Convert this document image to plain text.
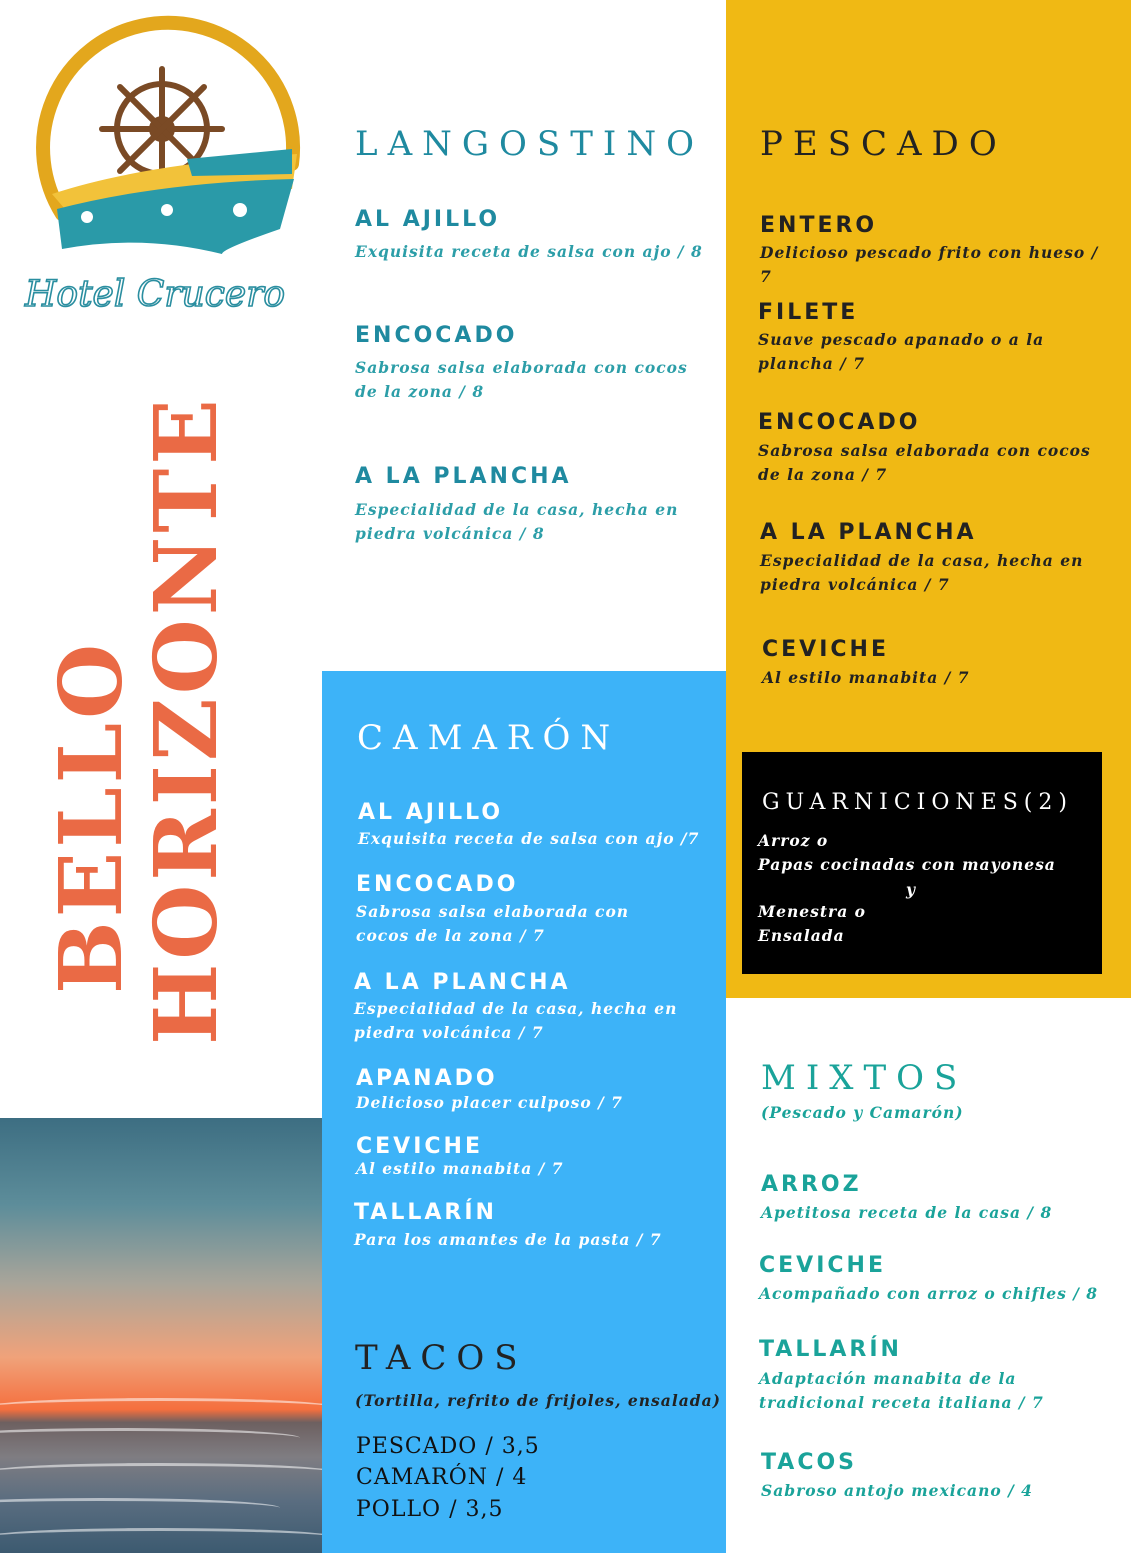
Hotel Crucero
BELLO
HORIZONTE
LANGOSTINO
AL AJILLO
Exquisita receta de salsa con ajo / 8
ENCOCADO
Sabrosa salsa elaborada con cocos de la zona / 8
A LA PLANCHA
Especialidad de la casa, hecha en piedra volcánica / 8
PESCADO
ENTERO
Delicioso pescado frito con hueso / 7
FILETE
Suave pescado apanado o a la plancha / 7
ENCOCADO
Sabrosa salsa elaborada con cocos de la zona / 7
A LA PLANCHA
Especialidad de la casa, hecha en piedra volcánica / 7
CEVICHE
Al estilo manabita / 7
GUARNICIONES(2)
Arroz o
Papas cocinadas con mayonesa
y
Menestra o
Ensalada
CAMARÓN
AL AJILLO
Exquisita receta de salsa con ajo /7
ENCOCADO
Sabrosa salsa elaborada con cocos de la zona / 7
A LA PLANCHA
Especialidad de la casa, hecha en piedra volcánica / 7
APANADO
Delicioso placer culposo / 7
CEVICHE
Al estilo manabita / 7
TALLARÍN
Para los amantes de la pasta / 7
TACOS
(Tortilla, refrito de frijoles, ensalada)
PESCADO / 3,5
CAMARÓN / 4
POLLO / 3,5
MIXTOS
(Pescado y Camarón)
ARROZ
Apetitosa receta de la casa / 8
CEVICHE
Acompañado con arroz o chifles / 8
TALLARÍN
Adaptación manabita de la tradicional receta italiana / 7
TACOS
Sabroso antojo mexicano / 4
